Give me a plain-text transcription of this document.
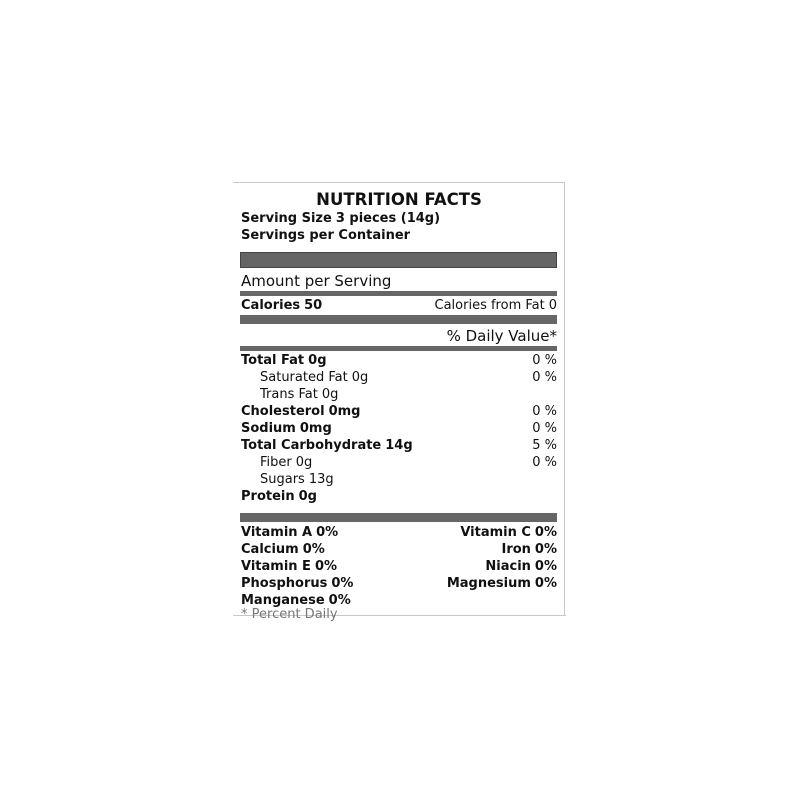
* Percent Daily
NUTRITION FACTS
Serving Size 3 pieces (14g)
Servings per Container
Amount per Serving
Calories 50	Calories from Fat 0
% Daily Value*
Total Fat 0g	0 %
Saturated Fat 0g	0 %
Trans Fat 0g
Cholesterol 0mg	0 %
Sodium 0mg	0 %
Total Carbohydrate 14g	5 %
Fiber 0g	0 %
Sugars 13g
Protein 0g
Vitamin A 0%	Vitamin C 0%
Calcium 0%	Iron 0%
Vitamin E 0%	Niacin 0%
Phosphorus 0%	Magnesium 0%
Manganese 0%
